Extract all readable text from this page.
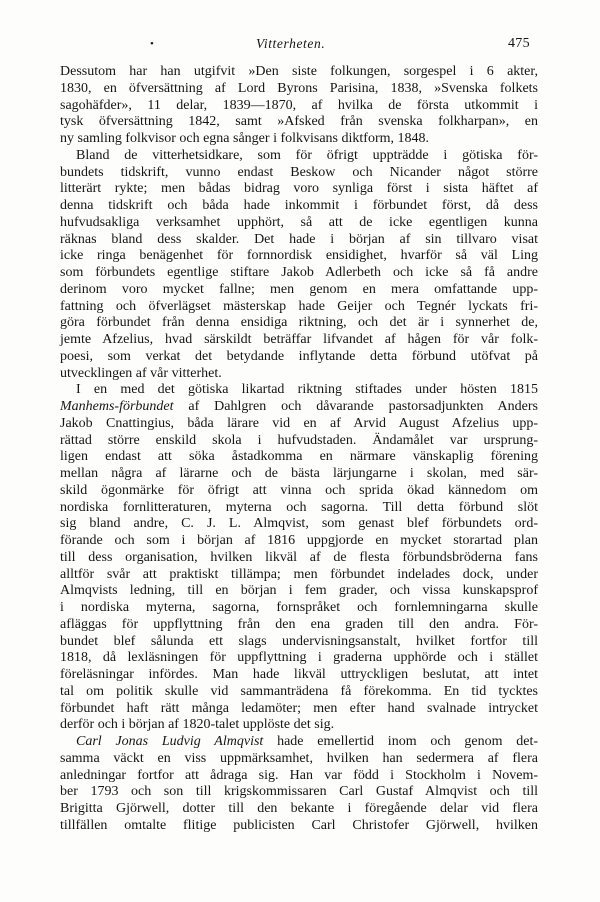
•	Vitterheten.	475
Dessutom har han utgifvit »Den siste folkungen, sorgespel i 6 akter,
1830, en öfversättning af Lord Byrons Parisina, 1838, »Svenska folkets
sagohäfder», 11 delar, 1839—1870, af hvilka de första utkommit i
tysk öfversättning 1842, samt »Afsked från svenska folkharpan», en
ny samling folkvisor och egna sånger i folkvisans diktform, 1848.
Bland de vitterhetsidkare, som för öfrigt uppträdde i götiska för-
bundets tidskrift, vunno endast Beskow och Nicander något större
litterärt rykte; men bådas bidrag voro synliga först i sista häftet af
denna tidskrift och båda hade inkommit i förbundet först, då dess
hufvudsakliga verksamhet upphört, så att de icke egentligen kunna
räknas bland dess skalder. Det hade i början af sin tillvaro visat
icke ringa benägenhet för fornnordisk ensidighet, hvarför så väl Ling
som förbundets egentlige stiftare Jakob Adlerbeth och icke så få andre
derinom voro mycket fallne; men genom en mera omfattande upp-
fattning och öfverlägset mästerskap hade Geijer och Tegnér lyckats fri-
göra förbundet från denna ensidiga riktning, och det är i synnerhet de,
jemte Afzelius, hvad särskildt beträffar lifvandet af hågen för vår folk-
poesi, som verkat det betydande inflytande detta förbund utöfvat på
utvecklingen af vår vitterhet.
I en med det götiska likartad riktning stiftades under hösten 1815
Manhems-förbundet af Dahlgren och dåvarande pastorsadjunkten Anders
Jakob Cnattingius, båda lärare vid en af Arvid August Afzelius upp-
rättad större enskild skola i hufvudstaden. Ändamålet var ursprung-
ligen endast att söka åstadkomma en närmare vänskaplig förening
mellan några af lärarne och de bästa lärjungarne i skolan, med sär-
skild ögonmärke för öfrigt att vinna och sprida ökad kännedom om
nordiska fornlitteraturen, myterna och sagorna. Till detta förbund slöt
sig bland andre, C. J. L. Almqvist, som genast blef förbundets ord-
förande och som i början af 1816 uppgjorde en mycket storartad plan
till dess organisation, hvilken likväl af de flesta förbundsbröderna fans
alltför svår att praktiskt tillämpa; men förbundet indelades dock, under
Almqvists ledning, till en början i fem grader, och vissa kunskapsprof
i nordiska myterna, sagorna, fornspråket och fornlemningarna skulle
afläggas för uppflyttning från den ena graden till den andra. För-
bundet blef sålunda ett slags undervisningsanstalt, hvilket fortfor till
1818, då lexläsningen för uppflyttning i graderna upphörde och i stället
föreläsningar infördes. Man hade likväl uttryckligen beslutat, att intet
tal om politik skulle vid sammanträdena få förekomma. En tid tycktes
förbundet haft rätt många ledamöter; men efter hand svalnade intrycket
derför och i början af 1820-talet upplöste det sig.
Carl Jonas Ludvig Almqvist hade emellertid inom och genom det-
samma väckt en viss uppmärksamhet, hvilken han sedermera af flera
anledningar fortfor att ådraga sig. Han var född i Stockholm i Novem-
ber 1793 och son till krigskommissaren Carl Gustaf Almqvist och till
Brigitta Gjörwell, dotter till den bekante i föregående delar vid flera
tillfällen omtalte flitige publicisten Carl Christofer Gjörwell, hvilken
